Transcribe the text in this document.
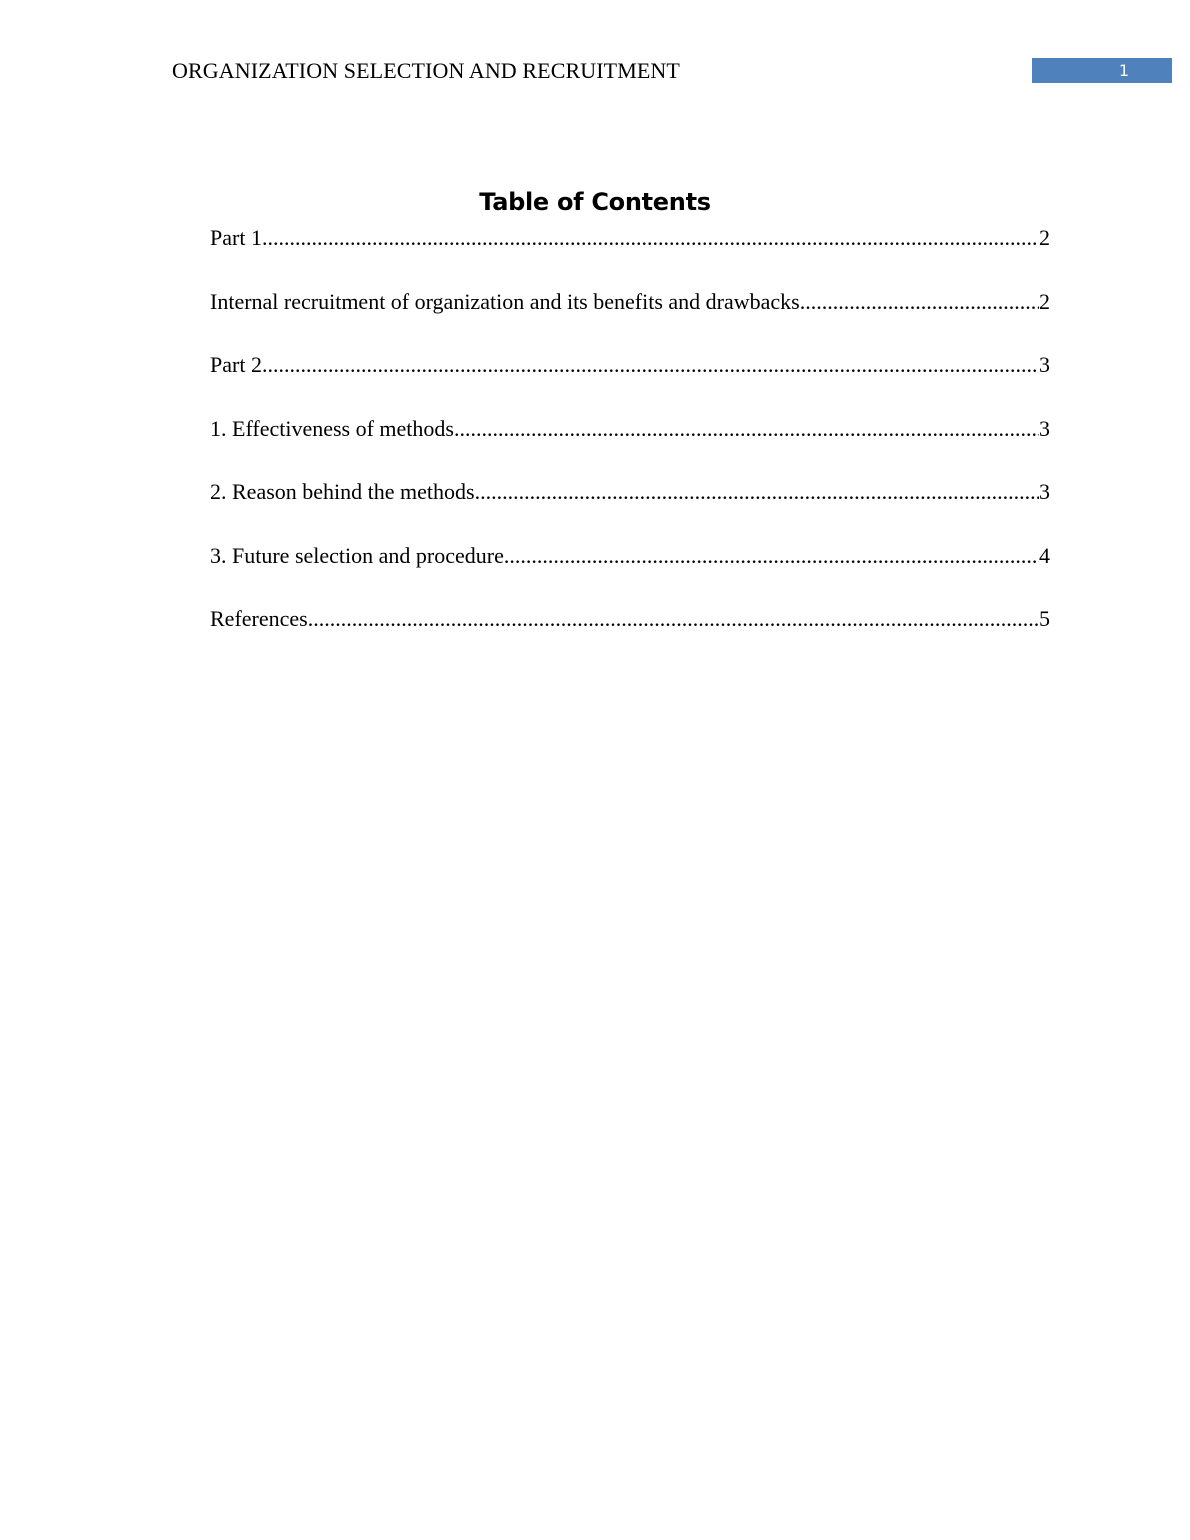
ORGANIZATION SELECTION AND RECRUITMENT	1
Table of Contents
Part 1 .....	2
Internal recruitment of organization and its benefits and drawbacks .....	2
Part 2 .....	3
1. Effectiveness of methods .....	3
2. Reason behind the methods .....	3
3. Future selection and procedure .....	4
References .....	5
